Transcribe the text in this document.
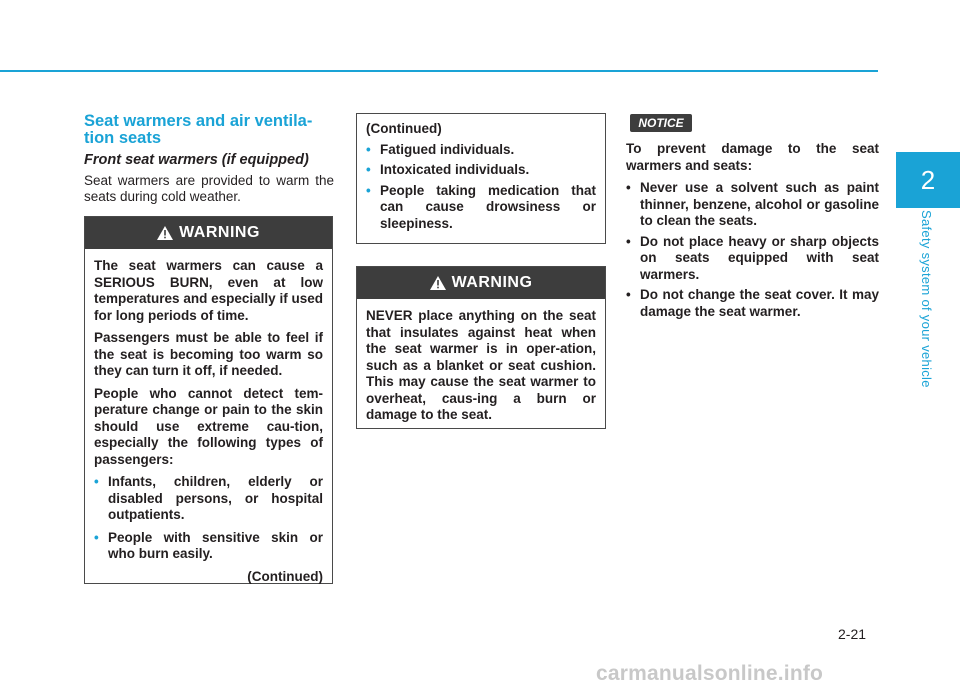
Seat warmers and air ventila-tion seats
Front seat warmers (if equipped)
Seat warmers are provided to warm the seats during cold weather.
WARNING

The seat warmers can cause a SERIOUS BURN, even at low temperatures and especially if used for long periods of time.

Passengers must be able to feel if the seat is becoming too warm so they can turn it off, if needed.

People who cannot detect tem-perature change or pain to the skin should use extreme cau-tion, especially the following types of passengers:

• Infants, children, elderly or disabled persons, or hospital outpatients.
• People with sensitive skin or who burn easily.
(Continued)

(Continued)

• Fatigued individuals.
• Intoxicated individuals.
• People taking medication that can cause drowsiness or sleepiness.
WARNING

NEVER place anything on the seat that insulates against heat when the seat warmer is in oper-ation, such as a blanket or seat cushion. This may cause the seat warmer to overheat, caus-ing a burn or damage to the seat.

NOTICE

To prevent damage to the seat warmers and seats:

• Never use a solvent such as paint thinner, benzene, alcohol or gasoline to clean the seats.
• Do not place heavy or sharp objects on seats equipped with seat warmers.
• Do not change the seat cover. It may damage the seat warmer.
2
Safety system of your vehicle
2-21
carmanualsonline.info
